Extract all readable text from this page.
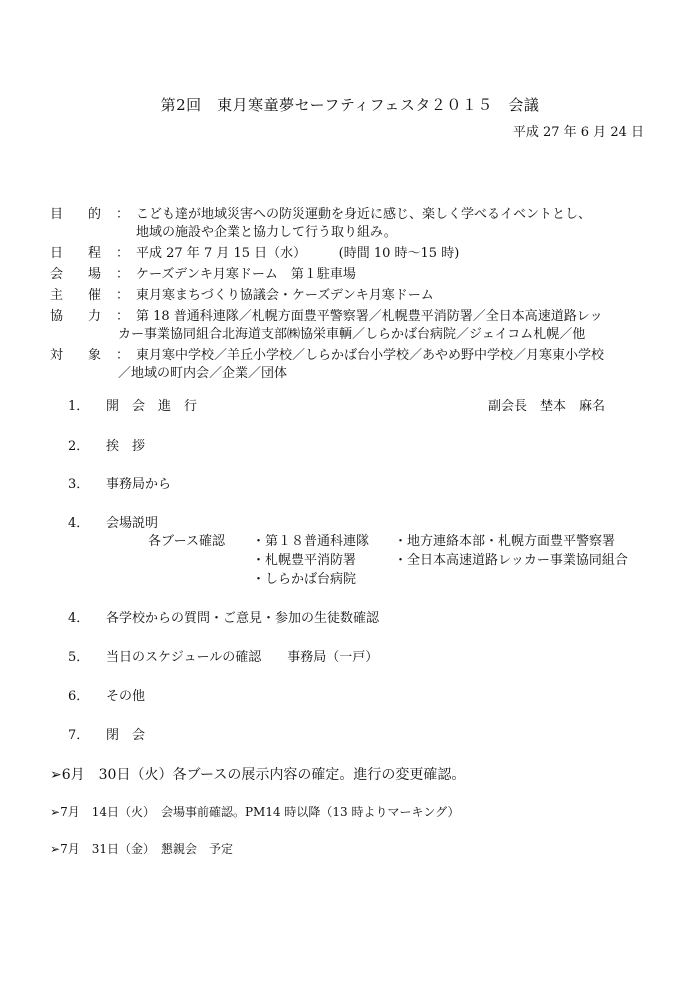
第2回　東月寒童夢セーフティフェスタ２０１５　会議
平成 27 年 6 月 24 日
目 的 ： こども達が地域災害への防災運動を身近に感じ、楽しく学べるイベントとし、
地域の施設や企業と協力して行う取り組み。
日 程 ： 平成 27 年 7 月 15 日（水）　　　(時間 10 時～15 時)
会 場 ： ケーズデンキ月寒ドーム　第１駐車場
主 催 ： 東月寒まちづくり協議会・ケーズデンキ月寒ドーム
協 力 ： 第 18 普通科連隊／札幌方面豊平警察署／札幌豊平消防署／全日本高速道路レッ
カー事業協同組合北海道支部㈱協栄車輌／しらかば台病院／ジェイコム札幌／他
対 象 ： 東月寒中学校／羊丘小学校／しらかば台小学校／あやめ野中学校／月寒東小学校
／地域の町内会／企業／団体
1． 開　会　進　行	副会長　埜本　麻名
2． 挨　拶
3． 事務局から
4． 会場説明
各ブース確認 ・第１８普通科連隊 ・地方連絡本部・札幌方面豊平警察署
・札幌豊平消防署	・全日本高速道路レッカー事業協同組合
・しらかば台病院
4． 各学校からの質問・ご意見・参加の生徒数確認
5． 当日のスケジュールの確認　　事務局（一戸）
6． その他
7． 閉　会
➢6月　30日（火）各ブースの展示内容の確定。進行の変更確認。
➢7月　14日（火）　会場事前確認。PM14 時以降（13 時よりマーキング）
➢7月　31日（金）　懇親会　予定
